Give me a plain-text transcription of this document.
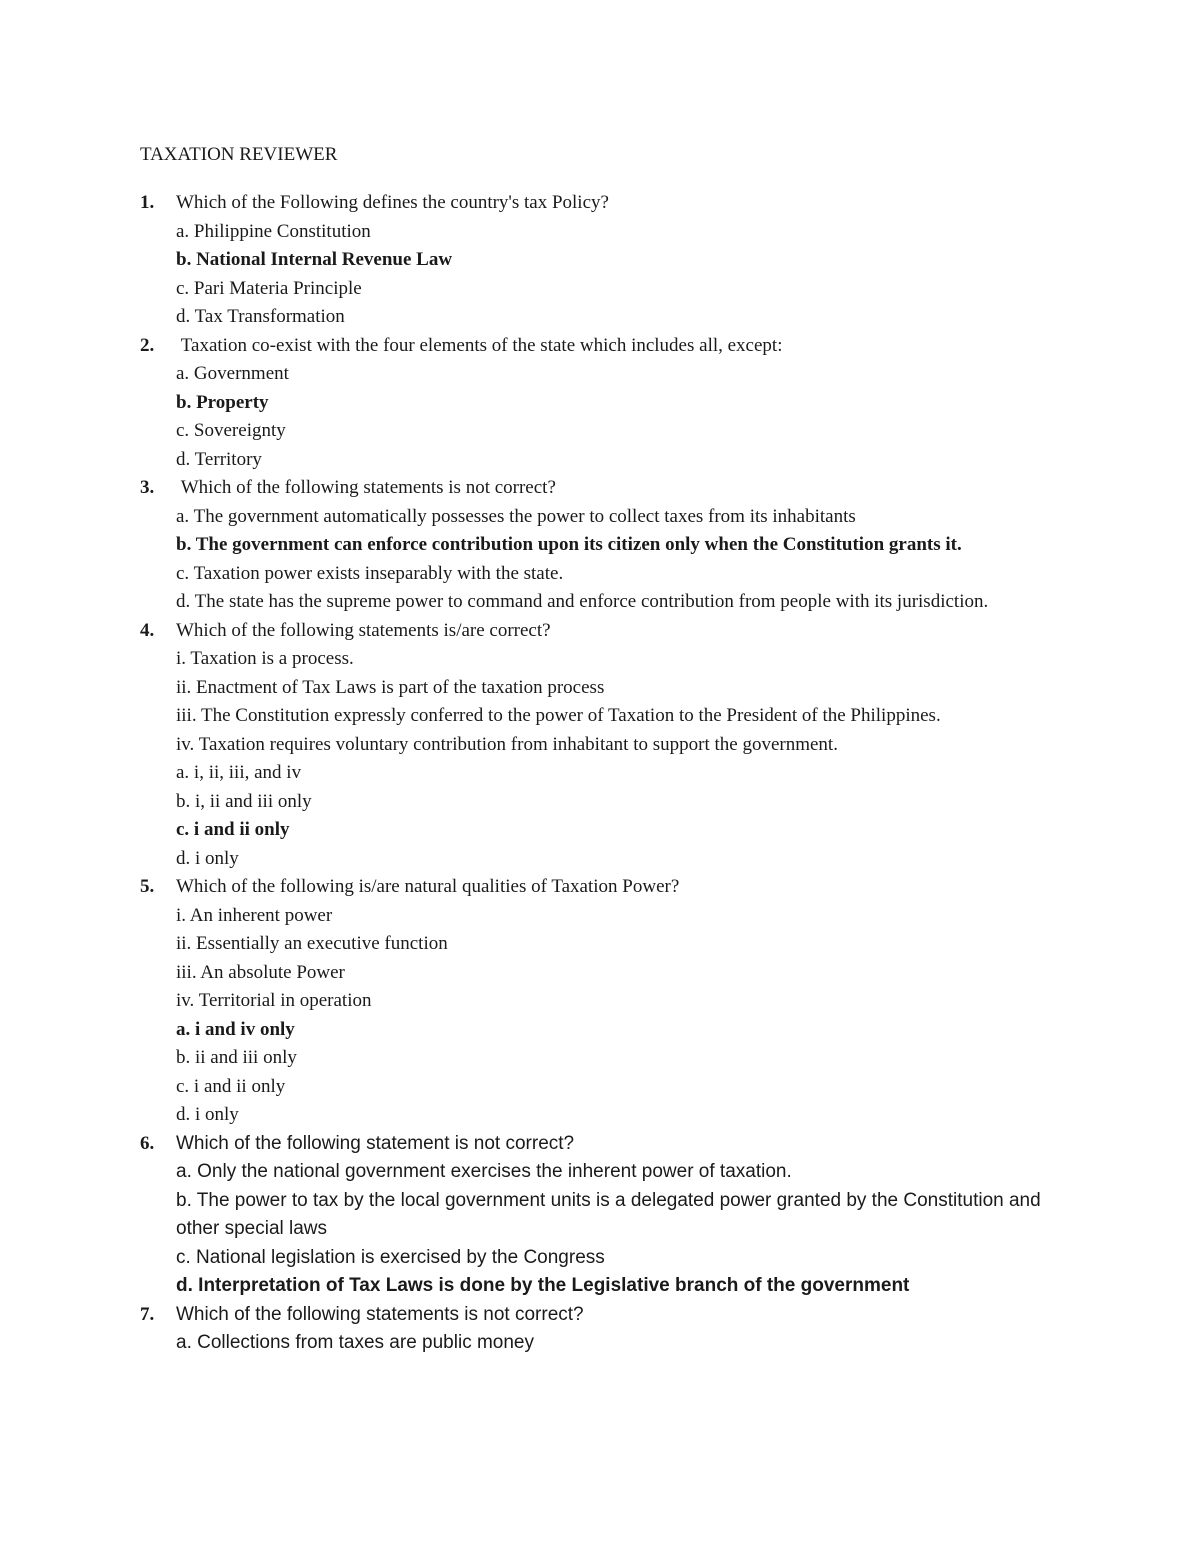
TAXATION REVIEWER
1. Which of the Following defines the country's tax Policy?
a. Philippine Constitution
b. National Internal Revenue Law
c. Pari Materia Principle
d. Tax Transformation
2. Taxation co-exist with the four elements of the state which includes all, except:
a. Government
b. Property
c. Sovereignty
d. Territory
3. Which of the following statements is not correct?
a. The government automatically possesses the power to collect taxes from its inhabitants
b. The government can enforce contribution upon its citizen only when the Constitution grants it.
c. Taxation power exists inseparably with the state.
d. The state has the supreme power to command and enforce contribution from people with its jurisdiction.
4. Which of the following statements is/are correct?
i. Taxation is a process.
ii. Enactment of Tax Laws is part of the taxation process
iii. The Constitution expressly conferred to the power of Taxation to the President of the Philippines.
iv. Taxation requires voluntary contribution from inhabitant to support the government.
a. i, ii, iii, and iv
b. i, ii and iii only
c. i and ii only
d. i only
5. Which of the following is/are natural qualities of Taxation Power?
i. An inherent power
ii. Essentially an executive function
iii. An absolute Power
iv. Territorial in operation
a. i and iv only
b. ii and iii only
c. i and ii only
d. i only
6. Which of the following statement is not correct?
a. Only the national government exercises the inherent power of taxation.
b. The power to tax by the local government units is a delegated power granted by the Constitution and other special laws
c. National legislation is exercised by the Congress
d. Interpretation of Tax Laws is done by the Legislative branch of the government
7. Which of the following statements is not correct?
a. Collections from taxes are public money
